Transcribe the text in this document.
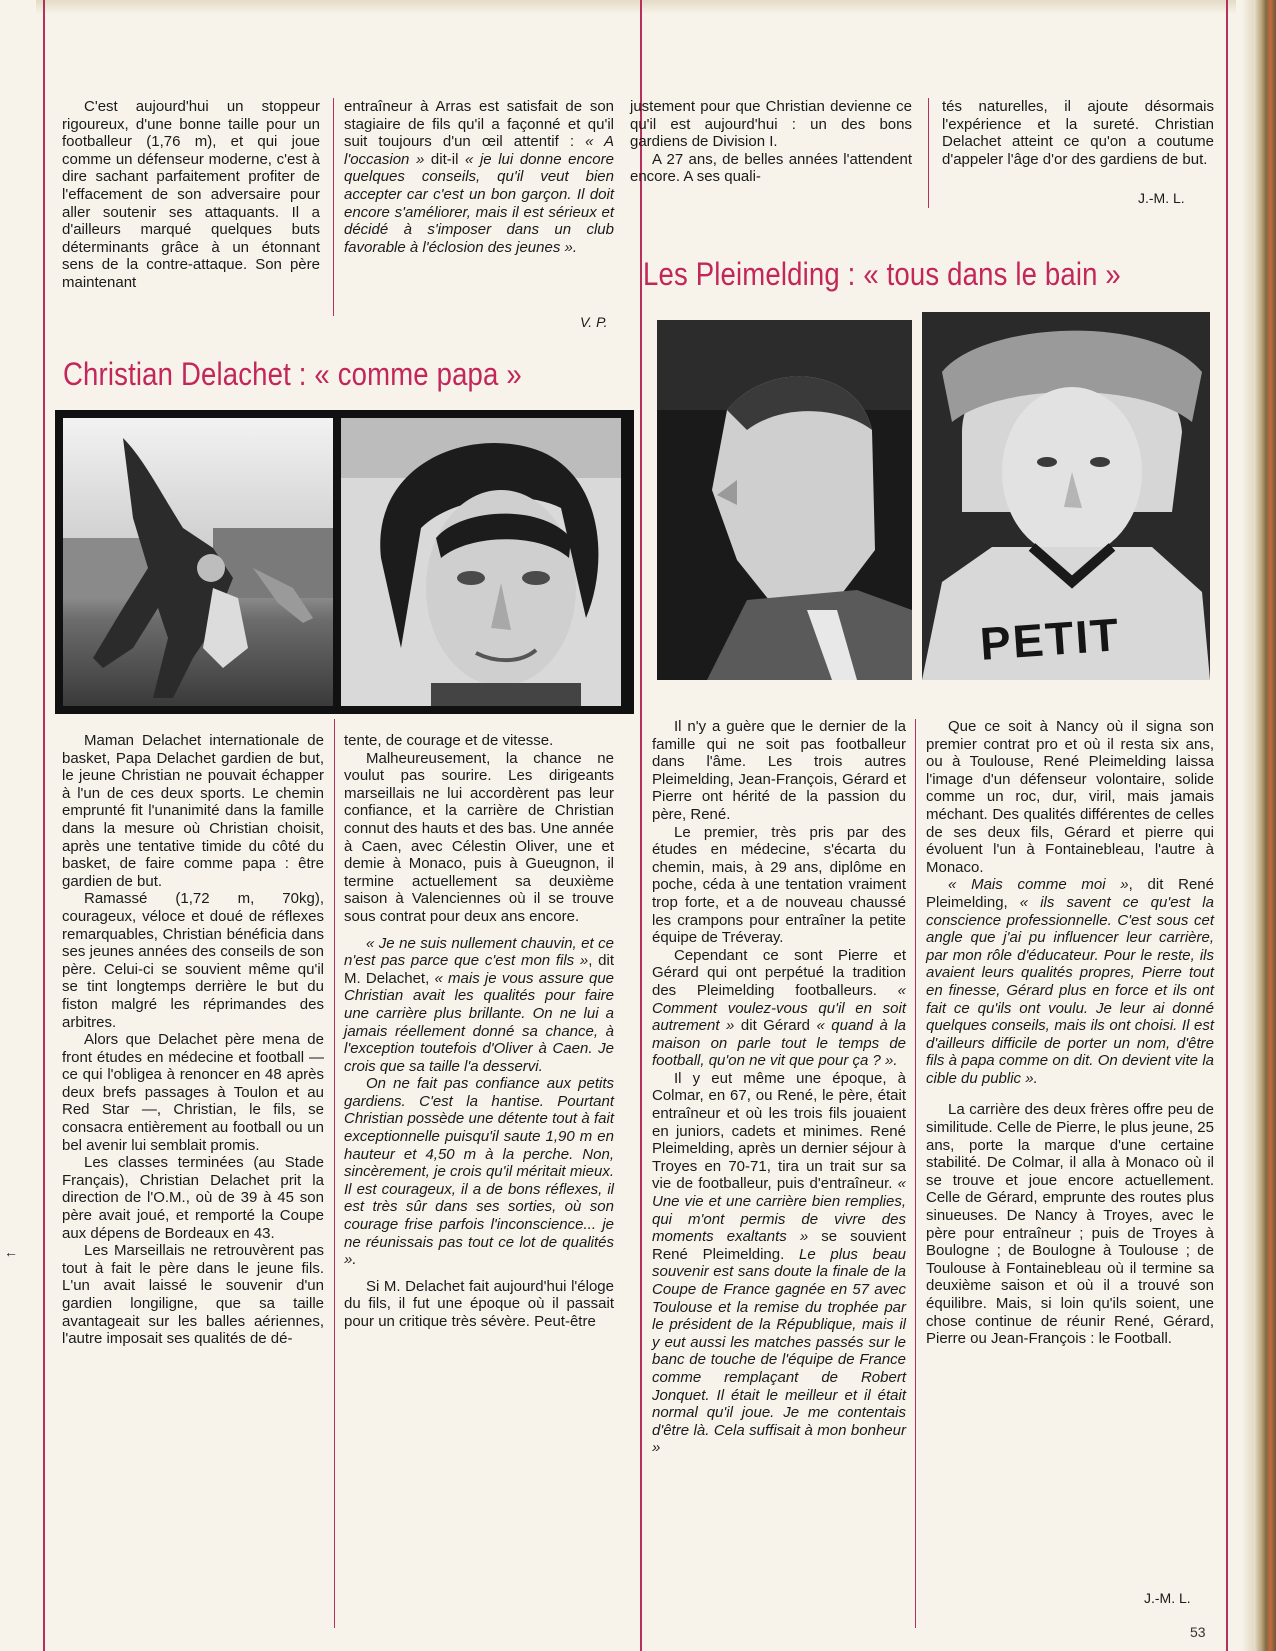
C'est aujourd'hui un stoppeur rigoureux, d'une bonne taille pour un footballeur (1,76 m), et qui joue comme un défenseur moderne, c'est à dire sachant parfaitement profiter de l'effacement de son adversaire pour aller soutenir ses attaquants. Il a d'ailleurs marqué quelques buts déterminants grâce à un étonnant sens de la contre-attaque. Son père maintenant
entraîneur à Arras est satisfait de son stagiaire de fils qu'il a façonné et qu'il suit toujours d'un œil attentif : « A l'occasion » dit-il « je lui donne encore quelques conseils, qu'il veut bien accepter car c'est un bon garçon. Il doit encore s'améliorer, mais il est sérieux et décidé à s'imposer dans un club favorable à l'éclosion des jeunes ».
V. P.

justement pour que Christian devienne ce qu'il est aujourd'hui : un des bons gardiens de Division I.

A 27 ans, de belles années l'attendent encore. A ses quali-

tés naturelles, il ajoute désormais l'expérience et la sureté. Christian Delachet atteint ce qu'on a coutume d'appeler l'âge d'or des gardiens de but.
J.-M. L.
Christian Delachet : « comme papa »
Les Pleimelding : « tous dans le bain »
PETIT

Maman Delachet internationale de basket, Papa Delachet gardien de but, le jeune Christian ne pouvait échapper à l'un de ces deux sports. Le chemin emprunté fit l'unanimité dans la famille dans la mesure où Christian choisit, après une tentative timide du côté du basket, de faire comme papa : être gardien de but.

Ramassé (1,72 m, 70kg), courageux, véloce et doué de réflexes remarquables, Christian bénéficia dans ses jeunes années des conseils de son père. Celui-ci se souvient même qu'il se tint longtemps derrière le but du fiston malgré les réprimandes des arbitres.

Alors que Delachet père mena de front études en médecine et football — ce qui l'obligea à renoncer en 48 après deux brefs passages à Toulon et au Red Star —, Christian, le fils, se consacra entièrement au football ou un bel avenir lui semblait promis.

Les classes terminées (au Stade Français), Christian Delachet prit la direction de l'O.M., où de 39 à 45 son père avait joué, et remporté la Coupe aux dépens de Bordeaux en 43.

Les Marseillais ne retrouvèrent pas tout à fait le père dans le jeune fils. L'un avait laissé le souvenir d'un gardien longiligne, que sa taille avantageait sur les balles aériennes, l'autre imposait ses qualités de dé-

tente, de courage et de vitesse.

Malheureusement, la chance ne voulut pas sourire. Les dirigeants marseillais ne lui accordèrent pas leur confiance, et la carrière de Christian connut des hauts et des bas. Une année à Caen, avec Célestin Oliver, une et demie à Monaco, puis à Gueugnon, il termine actuellement sa deuxième saison à Valenciennes où il se trouve sous contrat pour deux ans encore.

« Je ne suis nullement chauvin, et ce n'est pas parce que c'est mon fils », dit M. Delachet, « mais je vous assure que Christian avait les qualités pour faire une carrière plus brillante. On ne lui a jamais réellement donné sa chance, à l'exception toutefois d'Oliver à Caen. Je crois que sa taille l'a desservi.

On ne fait pas confiance aux petits gardiens. C'est la hantise. Pourtant Christian possède une détente tout à fait exceptionnelle puisqu'il saute 1,90 m en hauteur et 4,50 m à la perche. Non, sincèrement, je crois qu'il méritait mieux. Il est courageux, il a de bons réflexes, il est très sûr dans ses sorties, où son courage frise parfois l'inconscience... je ne réunissais pas tout ce lot de qualités ».

Si M. Delachet fait aujourd'hui l'éloge du fils, il fut une époque où il passait pour un critique très sévère. Peut-être

Il n'y a guère que le dernier de la famille qui ne soit pas footballeur dans l'âme. Les trois autres Pleimelding, Jean-François, Gérard et Pierre ont hérité de la passion du père, René.

Le premier, très pris par des études en médecine, s'écarta du chemin, mais, à 29 ans, diplôme en poche, céda à une tentation vraiment trop forte, et a de nouveau chaussé les crampons pour entraîner la petite équipe de Tréveray.

Cependant ce sont Pierre et Gérard qui ont perpétué la tradition des Pleimelding footballeurs. « Comment voulez-vous qu'il en soit autrement » dit Gérard « quand à la maison on parle tout le temps de football, qu'on ne vit que pour ça ? ».

Il y eut même une époque, à Colmar, en 67, ou René, le père, était entraîneur et où les trois fils jouaient en juniors, cadets et minimes. René Pleimelding, après un dernier séjour à Troyes en 70-71, tira un trait sur sa vie de footballeur, puis d'entraîneur. « Une vie et une carrière bien remplies, qui m'ont permis de vivre des moments exaltants » se souvient René Pleimelding. Le plus beau souvenir est sans doute la finale de la Coupe de France gagnée en 57 avec Toulouse et la remise du trophée par le président de la République, mais il y eut aussi les matches passés sur le banc de touche de l'équipe de France comme remplaçant de Robert Jonquet. Il était le meilleur et il était normal qu'il joue. Je me contentais d'être là. Cela suffisait à mon bonheur »

Que ce soit à Nancy où il signa son premier contrat pro et où il resta six ans, ou à Toulouse, René Pleimelding laissa l'image d'un défenseur volontaire, solide comme un roc, dur, viril, mais jamais méchant. Des qualités différentes de celles de ses deux fils, Gérard et pierre qui évoluent l'un à Fontainebleau, l'autre à Monaco.

« Mais comme moi », dit René Pleimelding, « ils savent ce qu'est la conscience professionnelle. C'est sous cet angle que j'ai pu influencer leur carrière, par mon rôle d'éducateur. Pour le reste, ils avaient leurs qualités propres, Pierre tout en finesse, Gérard plus en force et ils ont fait ce qu'ils ont voulu. Je leur ai donné quelques conseils, mais ils ont choisi. Il est d'ailleurs difficile de porter un nom, d'être fils à papa comme on dit. On devient vite la cible du public ».

La carrière des deux frères offre peu de similitude. Celle de Pierre, le plus jeune, 25 ans, porte la marque d'une certaine stabilité. De Colmar, il alla à Monaco où il se trouve et joue encore actuellement. Celle de Gérard, emprunte des routes plus sinueuses. De Nancy à Troyes, avec le père pour entraîneur ; puis de Troyes à Boulogne ; de Boulogne à Toulouse ; de Toulouse à Fontainebleau où il termine sa deuxième saison et où il a trouvé son équilibre. Mais, si loin qu'ils soient, une chose continue de réunir René, Gérard, Pierre ou Jean-François : le Football.

J.-M. L.
53
←
